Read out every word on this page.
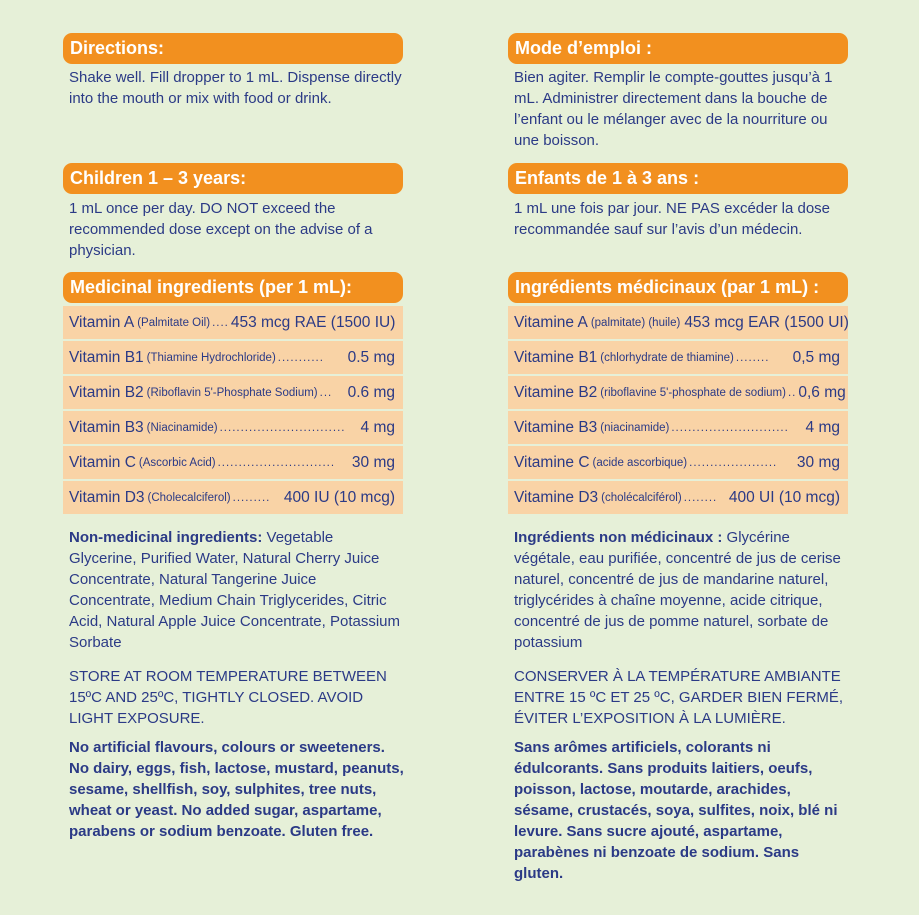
Directions:
Shake well. Fill dropper to 1 mL. Dispense directly into the mouth or mix with food or drink.
Children 1 – 3 years:
1 mL once per day. DO NOT exceed the recommended dose except on the advise of a physician.
Medicinal ingredients (per 1 mL):
Vitamin A (Palmitate Oil) .... 453 mcg RAE (1500 IU)
Vitamin B1 (Thiamine Hydrochloride) ...........	0.5 mg
Vitamin B2 (Riboflavin 5'-Phosphate Sodium) ... 0.6 mg
Vitamin B3 (Niacinamide) .............................. 4 mg
Vitamin C (Ascorbic Acid) ............................	30 mg
Vitamin D3 (Cholecalciferol) ......... 400 IU (10 mcg)
Non-medicinal ingredients: Vegetable Glycerine, Purified Water, Natural Cherry Juice Concentrate, Natural Tangerine Juice Concentrate, Medium Chain Triglycerides, Citric Acid, Natural Apple Juice Concentrate, Potassium Sorbate
STORE AT ROOM TEMPERATURE BETWEEN 15ºC AND 25ºC, TIGHTLY CLOSED. AVOID LIGHT EXPOSURE.
No artificial flavours, colours or sweeteners. No dairy, eggs, fish, lactose, mustard, peanuts, sesame, shellfish, soy, sulphites, tree nuts, wheat or yeast. No added sugar, aspartame, parabens or sodium benzoate. Gluten free.
Mode d’emploi :
Bien agiter. Remplir le compte-gouttes jusqu’à 1 mL. Administrer directement dans la bouche de l’enfant ou le mélanger avec de la nourriture ou une boisson.
Enfants de 1 à 3 ans :
1 mL une fois par jour. NE PAS excéder la dose recommandée sauf sur l’avis d’un médecin.
Ingrédients médicinaux (par 1 mL) :
Vitamine A (palmitate) (huile) 453 mcg EAR (1500 UI)
Vitamine B1 (chlorhydrate de thiamine) ........	0,5 mg
Vitamine B2 (riboflavine 5'-phosphate de sodium) .. 0,6 mg
Vitamine B3 (niacinamide) ............................	4 mg
Vitamine C (acide ascorbique) .....................	30 mg
Vitamine D3 (cholécalciférol) ........ 400 UI (10 mcg)
Ingrédients non médicinaux : Glycérine végétale, eau purifiée, concentré de jus de cerise naturel, concentré de jus de mandarine naturel, triglycérides à chaîne moyenne, acide citrique, concentré de jus de pomme naturel, sorbate de potassium
CONSERVER À LA TEMPÉRATURE AMBIANTE ENTRE 15 ºC ET 25 ºC, GARDER BIEN FERMÉ, ÉVITER L’EXPOSITION À LA LUMIÈRE.
Sans arômes artificiels, colorants ni édulcorants. Sans produits laitiers, oeufs, poisson, lactose, moutarde, arachides, sésame, crustacés, soya, sulfites, noix, blé ni levure. Sans sucre ajouté, aspartame, parabènes ni benzoate de sodium. Sans gluten.
